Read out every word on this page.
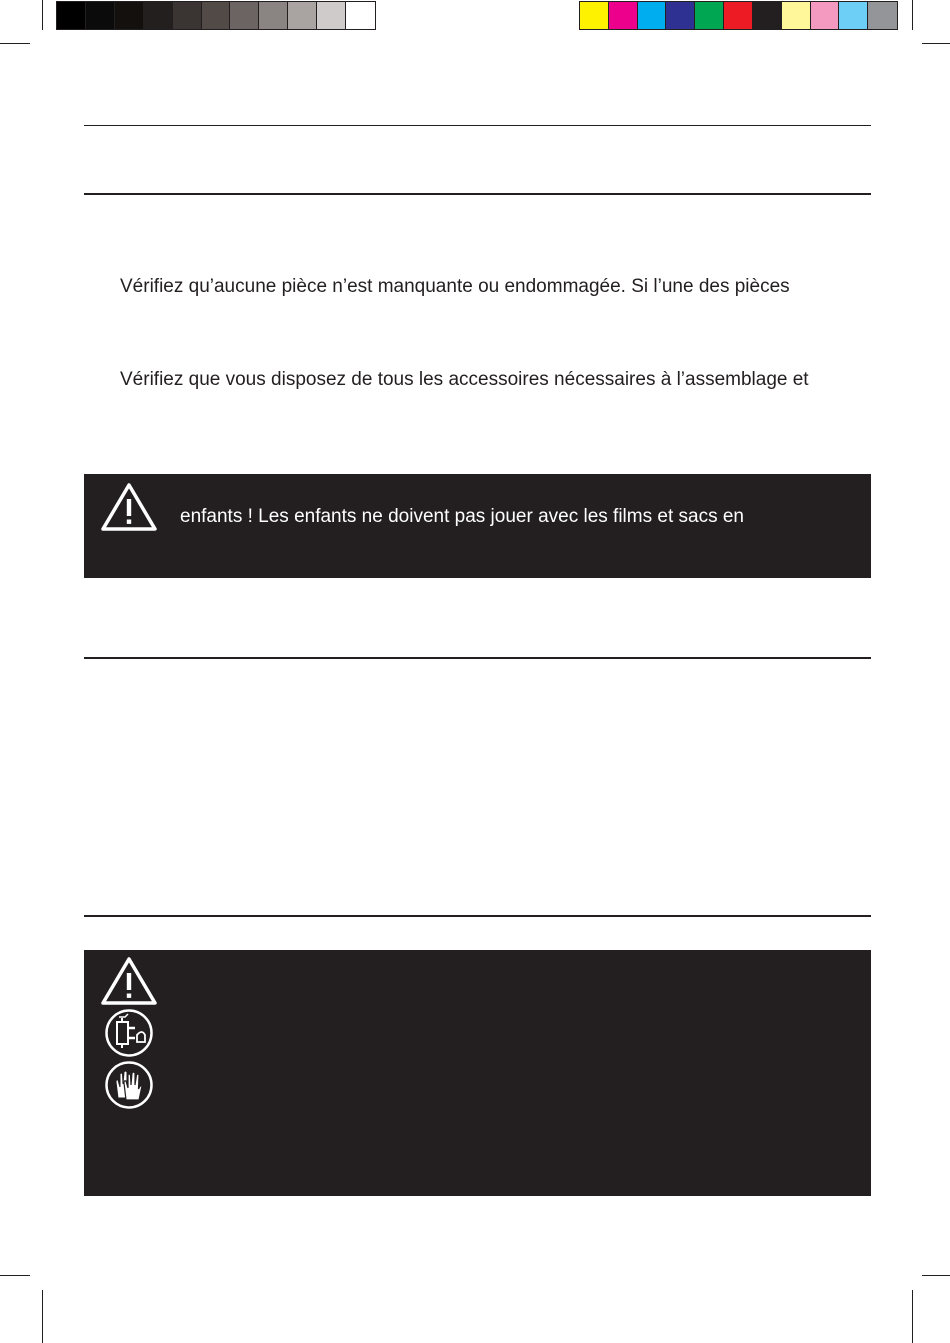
Vérifiez qu’aucune pièce n’est manquante ou endommagée. Si l’une des pièces
Vérifiez que vous disposez de tous les accessoires nécessaires à l’assemblage et
enfants ! Les enfants ne doivent pas jouer avec les films et sacs en
